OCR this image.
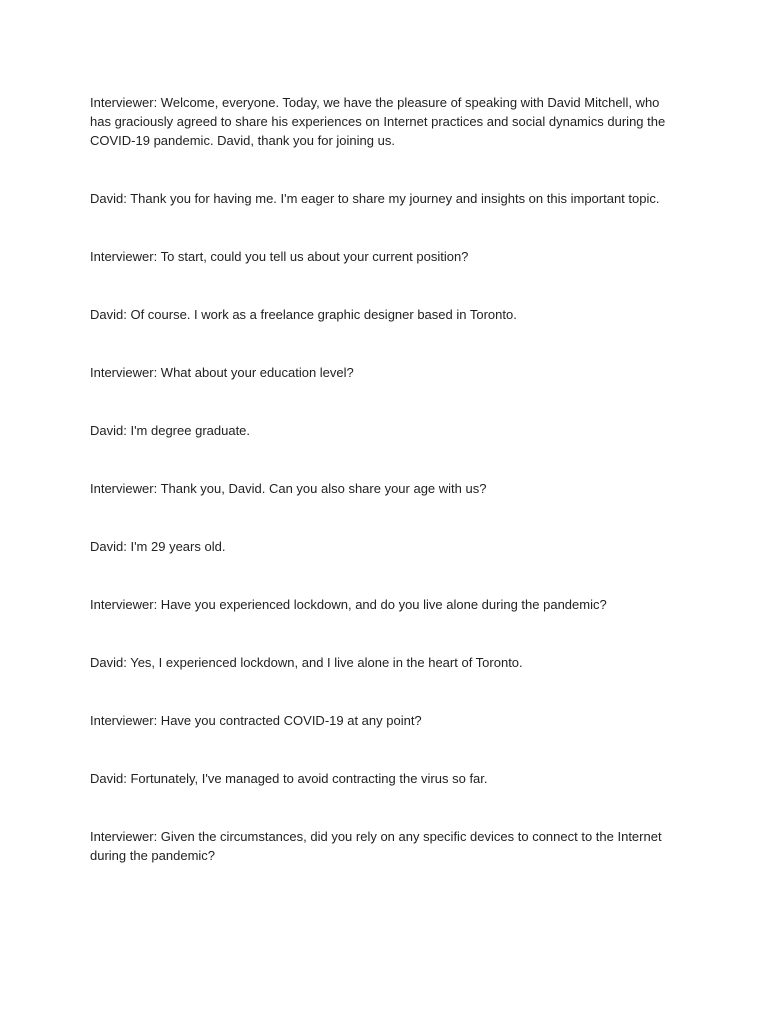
Interviewer: Welcome, everyone. Today, we have the pleasure of speaking with David Mitchell, who has graciously agreed to share his experiences on Internet practices and social dynamics during the COVID-19 pandemic. David, thank you for joining us.

David: Thank you for having me. I'm eager to share my journey and insights on this important topic.

Interviewer: To start, could you tell us about your current position?

David: Of course. I work as a freelance graphic designer based in Toronto.

Interviewer: What about your education level?

David: I'm degree graduate.

Interviewer: Thank you, David. Can you also share your age with us?

David: I'm 29 years old.

Interviewer: Have you experienced lockdown, and do you live alone during the pandemic?

David: Yes, I experienced lockdown, and I live alone in the heart of Toronto.

Interviewer: Have you contracted COVID-19 at any point?

David: Fortunately, I've managed to avoid contracting the virus so far.

Interviewer: Given the circumstances, did you rely on any specific devices to connect to the Internet during the pandemic?
